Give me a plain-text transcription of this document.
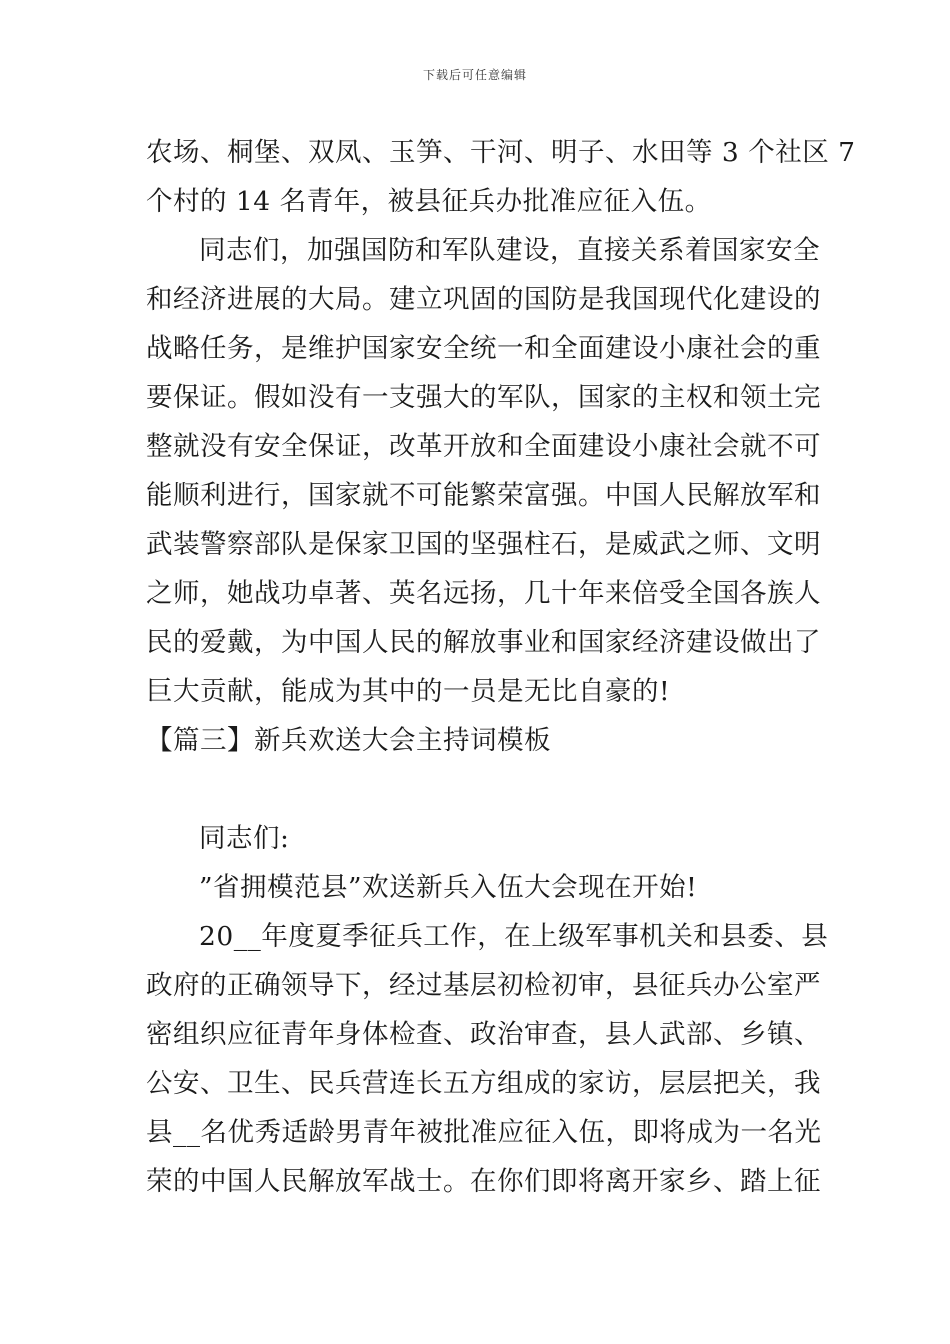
下载后可任意编辑
农场、桐堡、双凤、玉笋、干河、明子、水田等 3 个社区 7
个村的 14 名青年，被县征兵办批准应征入伍。
同志们，加强国防和军队建设，直接关系着国家安全
和经济进展的大局。建立巩固的国防是我国现代化建设的
战略任务，是维护国家安全统一和全面建设小康社会的重
要保证。假如没有一支强大的军队，国家的主权和领土完
整就没有安全保证，改革开放和全面建设小康社会就不可
能顺利进行，国家就不可能繁荣富强。中国人民解放军和
武装警察部队是保家卫国的坚强柱石，是威武之师、文明
之师，她战功卓著、英名远扬，几十年来倍受全国各族人
民的爱戴，为中国人民的解放事业和国家经济建设做出了
巨大贡献，能成为其中的一员是无比自豪的!
【篇三】新兵欢送大会主持词模板
同志们:
”省拥模范县”欢送新兵入伍大会现在开始!
20__年度夏季征兵工作，在上级军事机关和县委、县
政府的正确领导下，经过基层初检初审，县征兵办公室严
密组织应征青年身体检查、政治审查，县人武部、乡镇、
公安、卫生、民兵营连长五方组成的家访，层层把关，我
县__名优秀适龄男青年被批准应征入伍，即将成为一名光
荣的中国人民解放军战士。在你们即将离开家乡、踏上征
